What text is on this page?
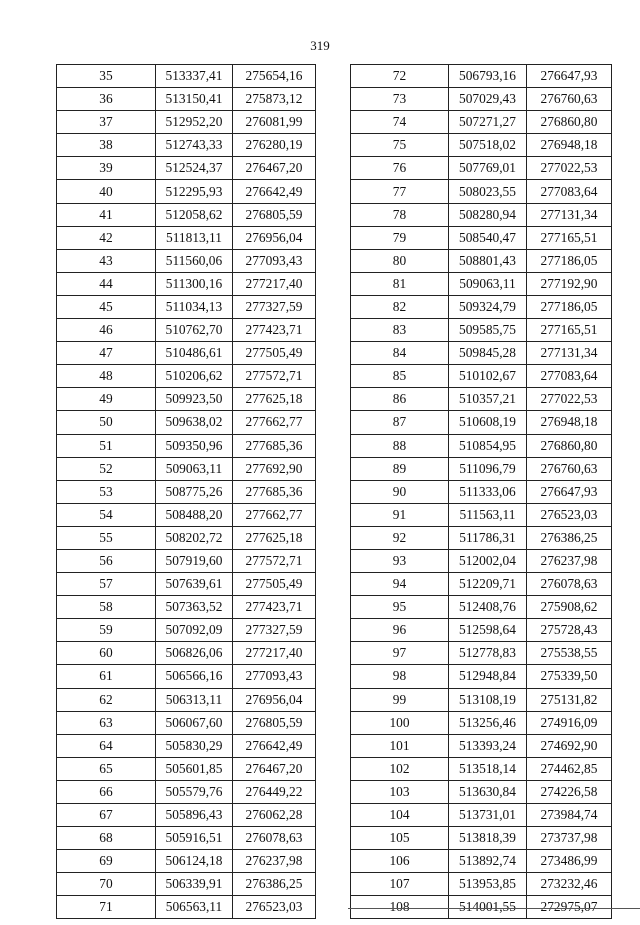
319
35	513337,41	275654,16
36	513150,41	275873,12
37	512952,20	276081,99
38	512743,33	276280,19
39	512524,37	276467,20
40	512295,93	276642,49
41	512058,62	276805,59
42	511813,11	276956,04
43	511560,06	277093,43
44	511300,16	277217,40
45	511034,13	277327,59
46	510762,70	277423,71
47	510486,61	277505,49
48	510206,62	277572,71
49	509923,50	277625,18
50	509638,02	277662,77
51	509350,96	277685,36
52	509063,11	277692,90
53	508775,26	277685,36
54	508488,20	277662,77
55	508202,72	277625,18
56	507919,60	277572,71
57	507639,61	277505,49
58	507363,52	277423,71
59	507092,09	277327,59
60	506826,06	277217,40
61	506566,16	277093,43
62	506313,11	276956,04
63	506067,60	276805,59
64	505830,29	276642,49
65	505601,85	276467,20
66	505579,76	276449,22
67	505896,43	276062,28
68	505916,51	276078,63
69	506124,18	276237,98
70	506339,91	276386,25
71	506563,11	276523,03
72	506793,16	276647,93
73	507029,43	276760,63
74	507271,27	276860,80
75	507518,02	276948,18
76	507769,01	277022,53
77	508023,55	277083,64
78	508280,94	277131,34
79	508540,47	277165,51
80	508801,43	277186,05
81	509063,11	277192,90
82	509324,79	277186,05
83	509585,75	277165,51
84	509845,28	277131,34
85	510102,67	277083,64
86	510357,21	277022,53
87	510608,19	276948,18
88	510854,95	276860,80
89	511096,79	276760,63
90	511333,06	276647,93
91	511563,11	276523,03
92	511786,31	276386,25
93	512002,04	276237,98
94	512209,71	276078,63
95	512408,76	275908,62
96	512598,64	275728,43
97	512778,83	275538,55
98	512948,84	275339,50
99	513108,19	275131,82
100	513256,46	274916,09
101	513393,24	274692,90
102	513518,14	274462,85
103	513630,84	274226,58
104	513731,01	273984,74
105	513818,39	273737,98
106	513892,74	273486,99
107	513953,85	273232,46
108	514001,55	272975,07
